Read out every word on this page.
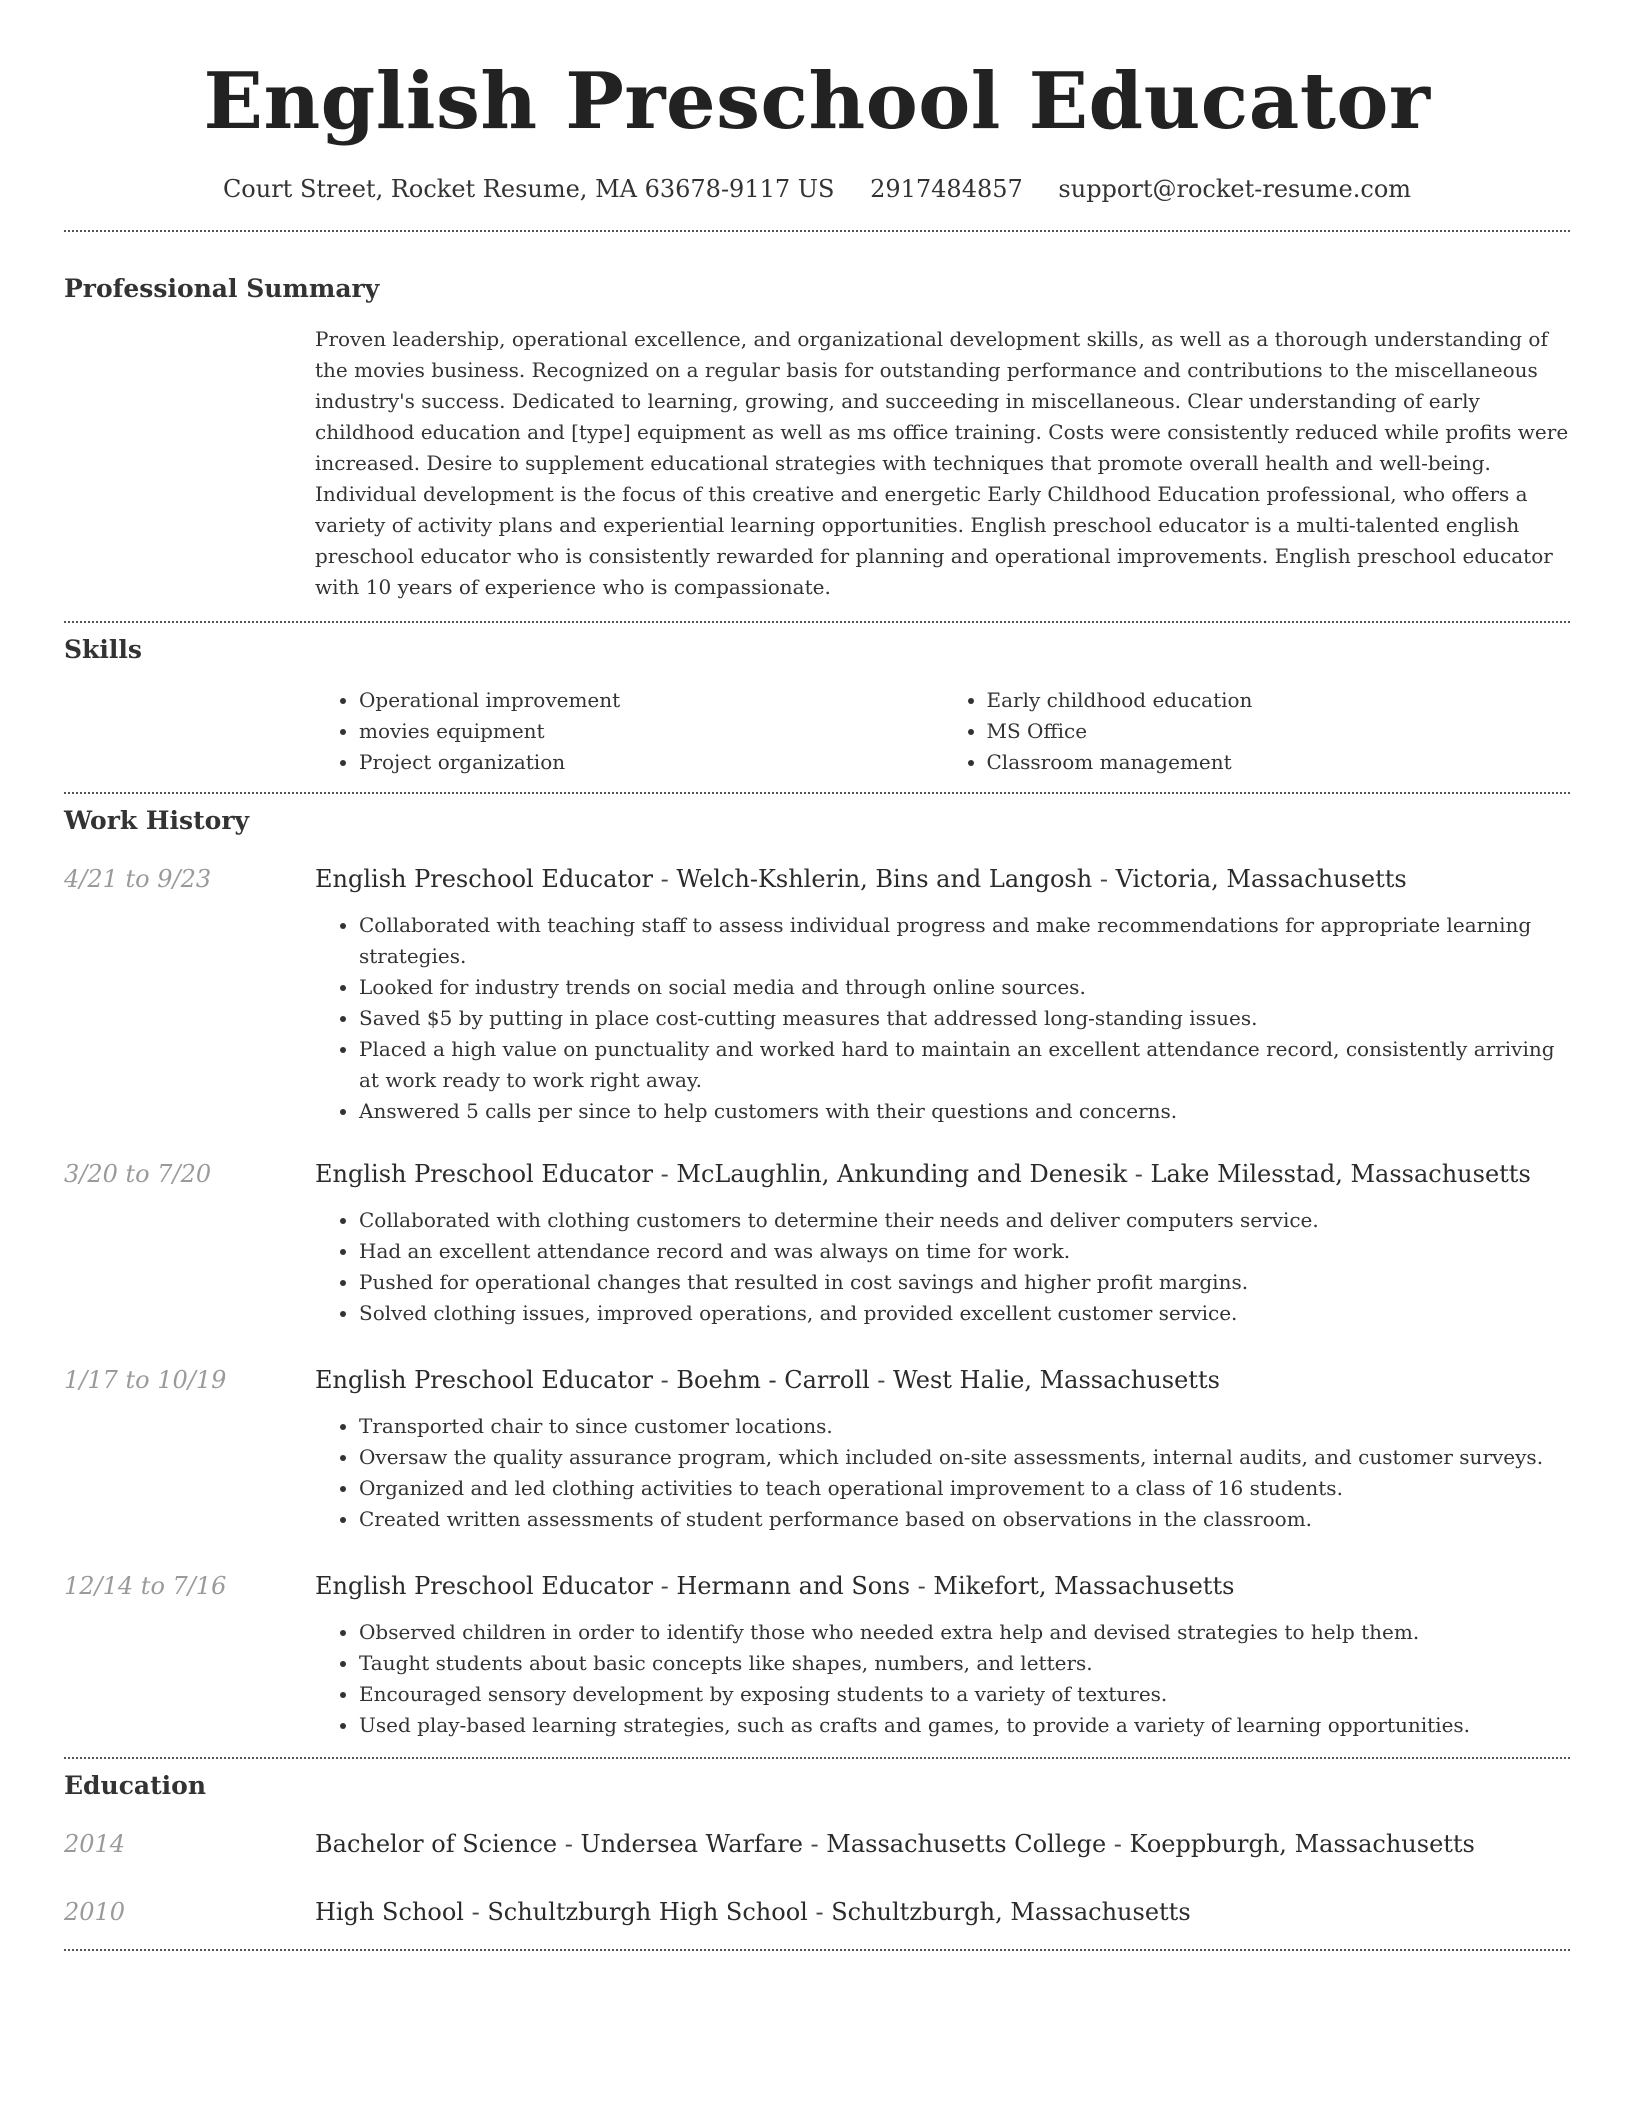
English Preschool Educator
Court Street, Rocket Resume, MA 63678-9117 US 2917484857 support@rocket-resume.com
Professional Summary

Proven leadership, operational excellence, and organizational development skills, as well as a thorough understanding of the movies business. Recognized on a regular basis for outstanding performance and contributions to the miscellaneous industry's success. Dedicated to learning, growing, and succeeding in miscellaneous. Clear understanding of early childhood education and [type] equipment as well as ms office training. Costs were consistently reduced while profits were increased. Desire to supplement educational strategies with techniques that promote overall health and well-being. Individual development is the focus of this creative and energetic Early Childhood Education professional, who offers a variety of activity plans and experiential learning opportunities. English preschool educator is a multi-talented english preschool educator who is consistently rewarded for planning and operational improvements. English preschool educator with 10 years of experience who is compassionate.

Skills
• Operational improvement
• movies equipment
• Project organization
• Early childhood education
• MS Office
• Classroom management
Work History
4/21 to 9/23	English Preschool Educator - Welch-Kshlerin, Bins and Langosh - Victoria, Massachusetts
• Collaborated with teaching staff to assess individual progress and make recommendations for appropriate learning strategies.
• Looked for industry trends on social media and through online sources.
• Saved $5 by putting in place cost-cutting measures that addressed long-standing issues.
• Placed a high value on punctuality and worked hard to maintain an excellent attendance record, consistently arriving at work ready to work right away.
• Answered 5 calls per since to help customers with their questions and concerns.
3/20 to 7/20	English Preschool Educator - McLaughlin, Ankunding and Denesik - Lake Milesstad, Massachusetts
• Collaborated with clothing customers to determine their needs and deliver computers service.
• Had an excellent attendance record and was always on time for work.
• Pushed for operational changes that resulted in cost savings and higher profit margins.
• Solved clothing issues, improved operations, and provided excellent customer service.
1/17 to 10/19	English Preschool Educator - Boehm - Carroll - West Halie, Massachusetts
• Transported chair to since customer locations.
• Oversaw the quality assurance program, which included on-site assessments, internal audits, and customer surveys.
• Organized and led clothing activities to teach operational improvement to a class of 16 students.
• Created written assessments of student performance based on observations in the classroom.
12/14 to 7/16	English Preschool Educator - Hermann and Sons - Mikefort, Massachusetts
• Observed children in order to identify those who needed extra help and devised strategies to help them.
• Taught students about basic concepts like shapes, numbers, and letters.
• Encouraged sensory development by exposing students to a variety of textures.
• Used play-based learning strategies, such as crafts and games, to provide a variety of learning opportunities.
Education
2014	Bachelor of Science - Undersea Warfare - Massachusetts College - Koeppburgh, Massachusetts
2010	High School - Schultzburgh High School - Schultzburgh, Massachusetts
